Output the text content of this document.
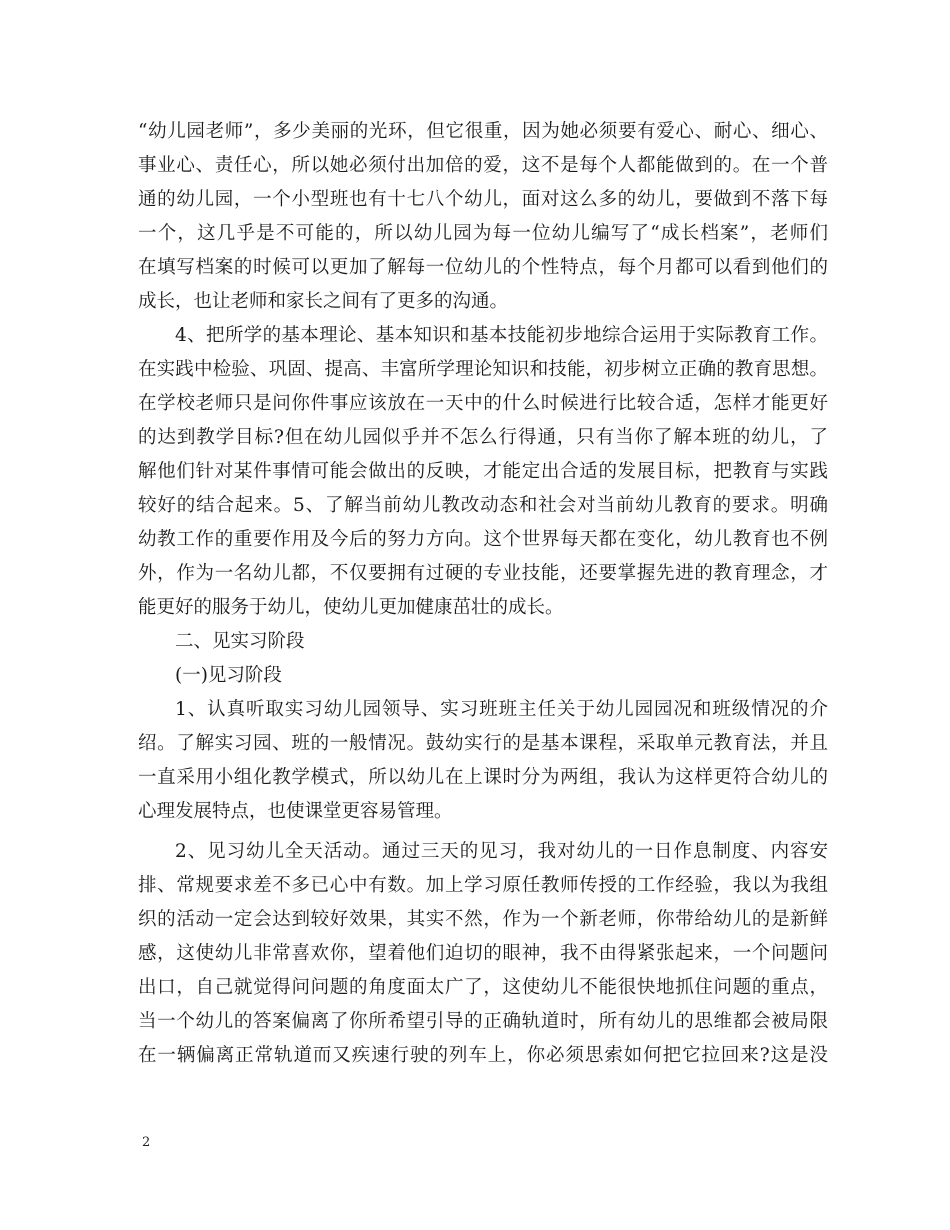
“幼儿园老师”，多少美丽的光环，但它很重，因为她必须要有爱心、耐心、细心、
事业心、责任心，所以她必须付出加倍的爱，这不是每个人都能做到的。在一个普
通的幼儿园，一个小型班也有十七八个幼儿，面对这么多的幼儿，要做到不落下每
一个，这几乎是不可能的，所以幼儿园为每一位幼儿编写了“成长档案”，老师们
在填写档案的时候可以更加了解每一位幼儿的个性特点，每个月都可以看到他们的
成长，也让老师和家长之间有了更多的沟通。
4、把所学的基本理论、基本知识和基本技能初步地综合运用于实际教育工作。
在实践中检验、巩固、提高、丰富所学理论知识和技能，初步树立正确的教育思想。
在学校老师只是问你件事应该放在一天中的什么时候进行比较合适，怎样才能更好
的达到教学目标?但在幼儿园似乎并不怎么行得通，只有当你了解本班的幼儿，了
解他们针对某件事情可能会做出的反映，才能定出合适的发展目标，把教育与实践
较好的结合起来。5、了解当前幼儿教改动态和社会对当前幼儿教育的要求。明确
幼教工作的重要作用及今后的努力方向。这个世界每天都在变化，幼儿教育也不例
外，作为一名幼儿都，不仅要拥有过硬的专业技能，还要掌握先进的教育理念，才
能更好的服务于幼儿，使幼儿更加健康茁壮的成长。
二、见实习阶段
(一)见习阶段
1、认真听取实习幼儿园领导、实习班班主任关于幼儿园园况和班级情况的介
绍。了解实习园、班的一般情况。鼓幼实行的是基本课程，采取单元教育法，并且
一直采用小组化教学模式，所以幼儿在上课时分为两组，我认为这样更符合幼儿的
心理发展特点，也使课堂更容易管理。
2、见习幼儿全天活动。通过三天的见习，我对幼儿的一日作息制度、内容安
排、常规要求差不多已心中有数。加上学习原任教师传授的工作经验，我以为我组
织的活动一定会达到较好效果，其实不然，作为一个新老师，你带给幼儿的是新鲜
感，这使幼儿非常喜欢你，望着他们迫切的眼神，我不由得紧张起来，一个问题问
出口，自己就觉得问问题的角度面太广了，这使幼儿不能很快地抓住问题的重点，
当一个幼儿的答案偏离了你所希望引导的正确轨道时，所有幼儿的思维都会被局限
在一辆偏离正常轨道而又疾速行驶的列车上，你必须思索如何把它拉回来?这是没
2
